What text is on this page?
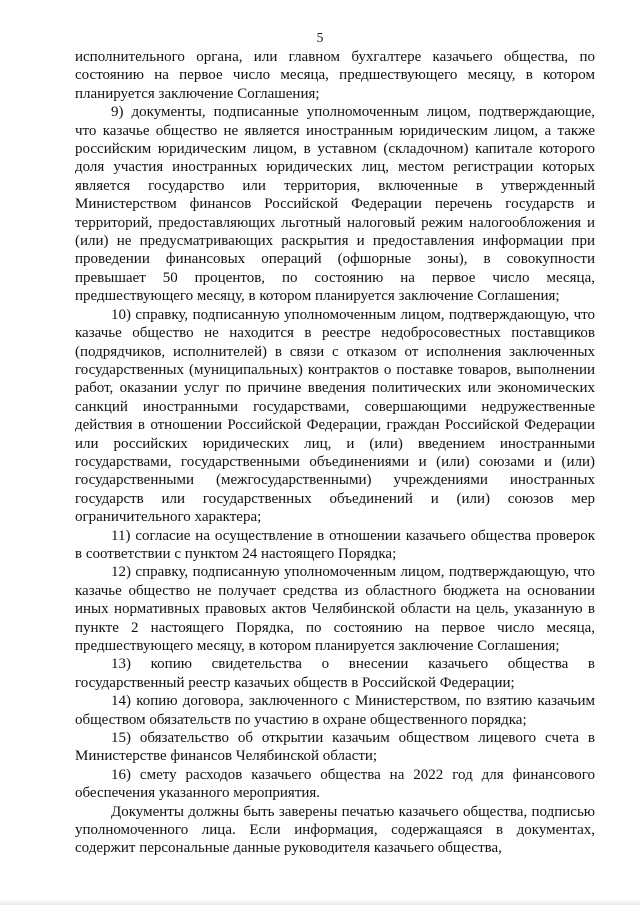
5

исполнительного органа, или главном бухгалтере казачьего общества, по состоянию на первое число месяца, предшествующего месяцу, в котором планируется заключение Соглашения;

9) документы, подписанные уполномоченным лицом, подтверждающие, что казачье общество не является иностранным юридическим лицом, а также российским юридическим лицом, в уставном (складочном) капитале которого доля участия иностранных юридических лиц, местом регистрации которых является государство или территория, включенные в утвержденный Министерством финансов Российской Федерации перечень государств и территорий, предоставляющих льготный налоговый режим налогообложения и (или) не предусматривающих раскрытия и предоставления информации при проведении финансовых операций (офшорные зоны), в совокупности превышает 50 процентов, по состоянию на первое число месяца, предшествующего месяцу, в котором планируется заключение Соглашения;

10) справку, подписанную уполномоченным лицом, подтверждающую, что казачье общество не находится в реестре недобросовестных поставщиков (подрядчиков, исполнителей) в связи с отказом от исполнения заключенных государственных (муниципальных) контрактов о поставке товаров, выполнении работ, оказании услуг по причине введения политических или экономических санкций иностранными государствами, совершающими недружественные действия в отношении Российской Федерации, граждан Российской Федерации или российских юридических лиц, и (или) введением иностранными государствами, государственными объединениями и (или) союзами и (или) государственными (межгосударственными) учреждениями иностранных государств или государственных объединений и (или) союзов мер ограничительного характера;

11) согласие на осуществление в отношении казачьего общества проверок в соответствии с пунктом 24 настоящего Порядка;

12) справку, подписанную уполномоченным лицом, подтверждающую, что казачье общество не получает средства из областного бюджета на основании иных нормативных правовых актов Челябинской области на цель, указанную в пункте 2 настоящего Порядка, по состоянию на первое число месяца, предшествующего месяцу, в котором планируется заключение Соглашения;

13) копию свидетельства о внесении казачьего общества в государственный реестр казачьих обществ в Российской Федерации;

14) копию договора, заключенного с Министерством, по взятию казачьим обществом обязательств по участию в охране общественного порядка;

15) обязательство об открытии казачьим обществом лицевого счета в Министерстве финансов Челябинской области;

16) смету расходов казачьего общества на 2022 год для финансового обеспечения указанного мероприятия.

Документы должны быть заверены печатью казачьего общества, подписью уполномоченного лица. Если информация, содержащаяся в документах, содержит персональные данные руководителя казачьего общества,
